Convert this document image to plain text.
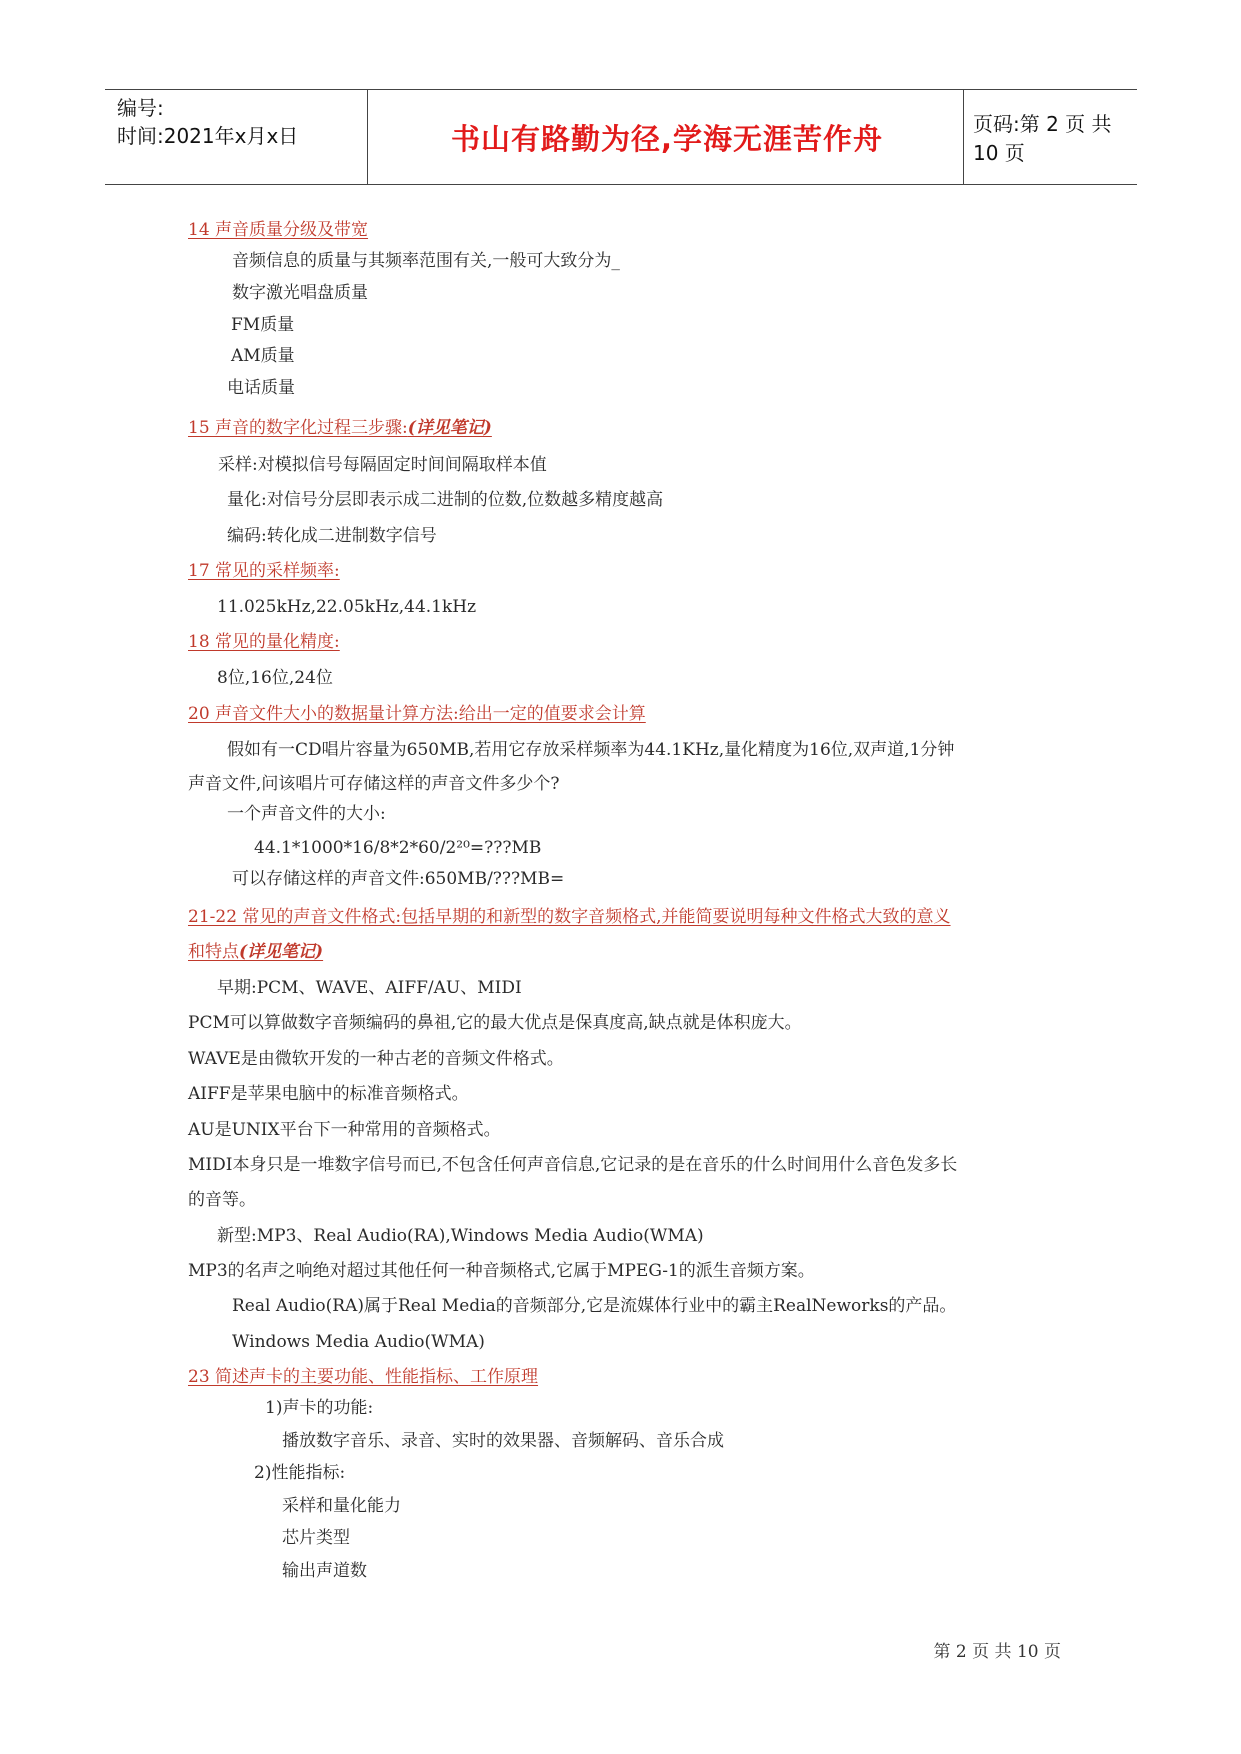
编号:
时间:2021年x月x日	书山有路勤为径,学海无涯苦作舟	页码:第 2 页 共 10 页
14 声音质量分级及带宽
音频信息的质量与其频率范围有关,一般可大致分为_
数字激光唱盘质量
FM质量
AM质量
电话质量
15 声音的数字化过程三步骤:(详见笔记)
采样:对模拟信号每隔固定时间间隔取样本值
量化:对信号分层即表示成二进制的位数,位数越多精度越高
编码:转化成二进制数字信号
17 常见的采样频率:
11.025kHz,22.05kHz,44.1kHz
18 常见的量化精度:
8位,16位,24位
20 声音文件大小的数据量计算方法:给出一定的值要求会计算
假如有一CD唱片容量为650MB,若用它存放采样频率为44.1KHz,量化精度为16位,双声道,1分钟
声音文件,问该唱片可存储这样的声音文件多少个?
一个声音文件的大小:
44.1*1000*16/8*2*60/2²⁰=???MB
可以存储这样的声音文件:650MB/???MB=
21-22 常见的声音文件格式:包括早期的和新型的数字音频格式,并能简要说明每种文件格式大致的意义
和特点(详见笔记)
早期:PCM、WAVE、AIFF/AU、MIDI
PCM可以算做数字音频编码的鼻祖,它的最大优点是保真度高,缺点就是体积庞大。
WAVE是由微软开发的一种古老的音频文件格式。
AIFF是苹果电脑中的标准音频格式。
AU是UNIX平台下一种常用的音频格式。
MIDI本身只是一堆数字信号而已,不包含任何声音信息,它记录的是在音乐的什么时间用什么音色发多长
的音等。
新型:MP3、Real Audio(RA),Windows Media Audio(WMA)
MP3的名声之响绝对超过其他任何一种音频格式,它属于MPEG-1的派生音频方案。
Real Audio(RA)属于Real Media的音频部分,它是流媒体行业中的霸主RealNeworks的产品。
Windows Media Audio(WMA)
23 简述声卡的主要功能、性能指标、工作原理
1)声卡的功能:
播放数字音乐、录音、实时的效果器、音频解码、音乐合成
2)性能指标:
采样和量化能力
芯片类型
输出声道数
第 2 页 共 10 页
